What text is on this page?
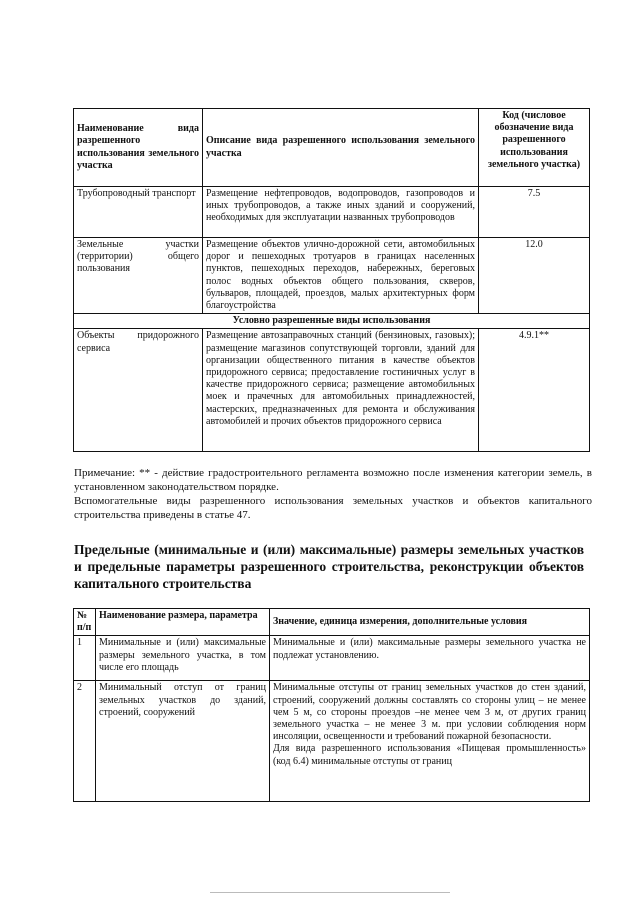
Наименование вида разрешенного использования земельного участка	Описание вида разрешенного использования земельного участка	Код (числовое обозначение вида разрешенного использования земельного участка)
Трубопроводный транспорт	Размещение нефтепроводов, водопроводов, газопроводов и иных трубопроводов, а также иных зданий и сооружений, необходимых для эксплуатации названных трубопроводов	7.5
Земельные участки (территории) общего пользования	Размещение объектов улично-дорожной сети, автомобильных дорог и пешеходных тротуаров в границах населенных пунктов, пешеходных переходов, набережных, береговых полос водных объектов общего пользования, скверов, бульваров, площадей, проездов, малых архитектурных форм благоустройства	12.0
Условно разрешенные виды использования		
Объекты придорожного сервиса	Размещение автозаправочных станций (бензиновых, газовых); размещение магазинов сопутствующей торговли, зданий для организации общественного питания в качестве объектов придорожного сервиса; предоставление гостиничных услуг в качестве придорожного сервиса; размещение автомобильных моек и прачечных для автомобильных принадлежностей, мастерских, предназначенных для ремонта и обслуживания автомобилей и прочих объектов придорожного сервиса	4.9.1**
Примечание: ** - действие градостроительного регламента возможно после изменения категории земель, в установленном законодательством порядке.
Вспомогательные виды разрешенного использования земельных участков и объектов капитального строительства приведены в статье 47.
Предельные (минимальные и (или) максимальные) размеры земельных участков и предельные параметры разрешенного строительства, реконструкции объектов капитального строительства
№ п/п	Наименование размера, параметра	Значение, единица измерения, дополнительные условия
1	Минимальные и (или) максимальные размеры земельного участка, в том числе его площадь	Минимальные и (или) максимальные размеры земельного участка не подлежат установлению.
2	Минимальный отступ от границ земельных участков до зданий, строений, сооружений	Минимальные отступы от границ земельных участков до стен зданий, строений, сооружений должны составлять со стороны улиц – не менее чем 5 м, со стороны проездов –не менее чем 3 м, от других границ земельного участка – не менее 3 м. при условии соблюдения норм инсоляции, освещенности и требований пожарной безопасности.
Для вида разрешенного использования «Пищевая промышленность» (код 6.4) минимальные отступы от границ
